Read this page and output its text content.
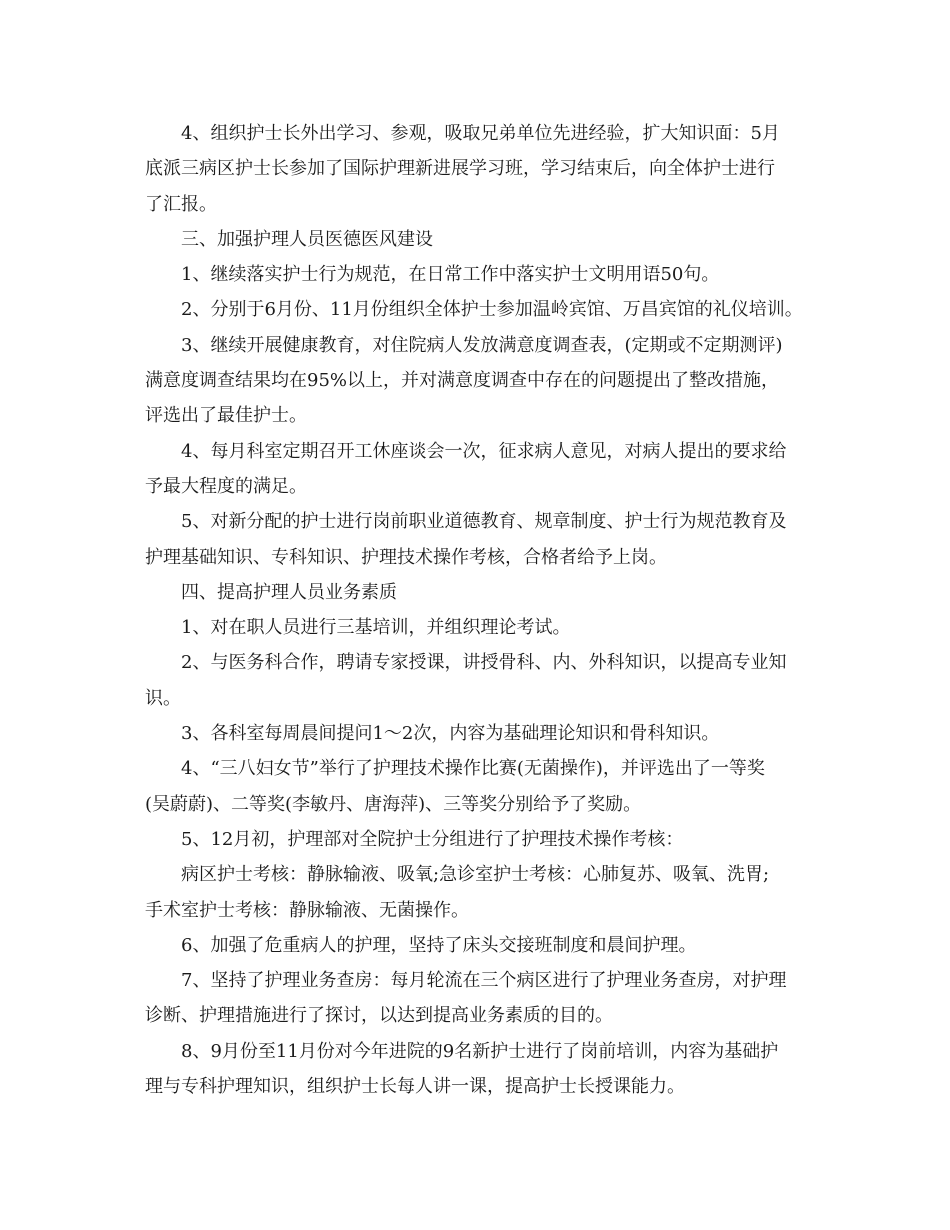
4、组织护士长外出学习、参观，吸取兄弟单位先进经验，扩大知识面：5月
底派三病区护士长参加了国际护理新进展学习班，学习结束后，向全体护士进行
了汇报。
三、加强护理人员医德医风建设
1、继续落实护士行为规范，在日常工作中落实护士文明用语50句。
2、分别于6月份、11月份组织全体护士参加温岭宾馆、万昌宾馆的礼仪培训。
3、继续开展健康教育，对住院病人发放满意度调查表，(定期或不定期测评)
满意度调查结果均在95%以上，并对满意度调查中存在的问题提出了整改措施，
评选出了最佳护士。
4、每月科室定期召开工休座谈会一次，征求病人意见，对病人提出的要求给
予最大程度的满足。
5、对新分配的护士进行岗前职业道德教育、规章制度、护士行为规范教育及
护理基础知识、专科知识、护理技术操作考核，合格者给予上岗。
四、提高护理人员业务素质
1、对在职人员进行三基培训，并组织理论考试。
2、与医务科合作，聘请专家授课，讲授骨科、内、外科知识，以提高专业知
识。
3、各科室每周晨间提问1～2次，内容为基础理论知识和骨科知识。
4、“三八妇女节”举行了护理技术操作比赛(无菌操作)，并评选出了一等奖
(吴蔚蔚)、二等奖(李敏丹、唐海萍)、三等奖分别给予了奖励。
5、12月初，护理部对全院护士分组进行了护理技术操作考核：
病区护士考核：静脉输液、吸氧;急诊室护士考核：心肺复苏、吸氧、洗胃;
手术室护士考核：静脉输液、无菌操作。
6、加强了危重病人的护理，坚持了床头交接班制度和晨间护理。
7、坚持了护理业务查房：每月轮流在三个病区进行了护理业务查房，对护理
诊断、护理措施进行了探讨，以达到提高业务素质的目的。
8、9月份至11月份对今年进院的9名新护士进行了岗前培训，内容为基础护
理与专科护理知识，组织护士长每人讲一课，提高护士长授课能力。
